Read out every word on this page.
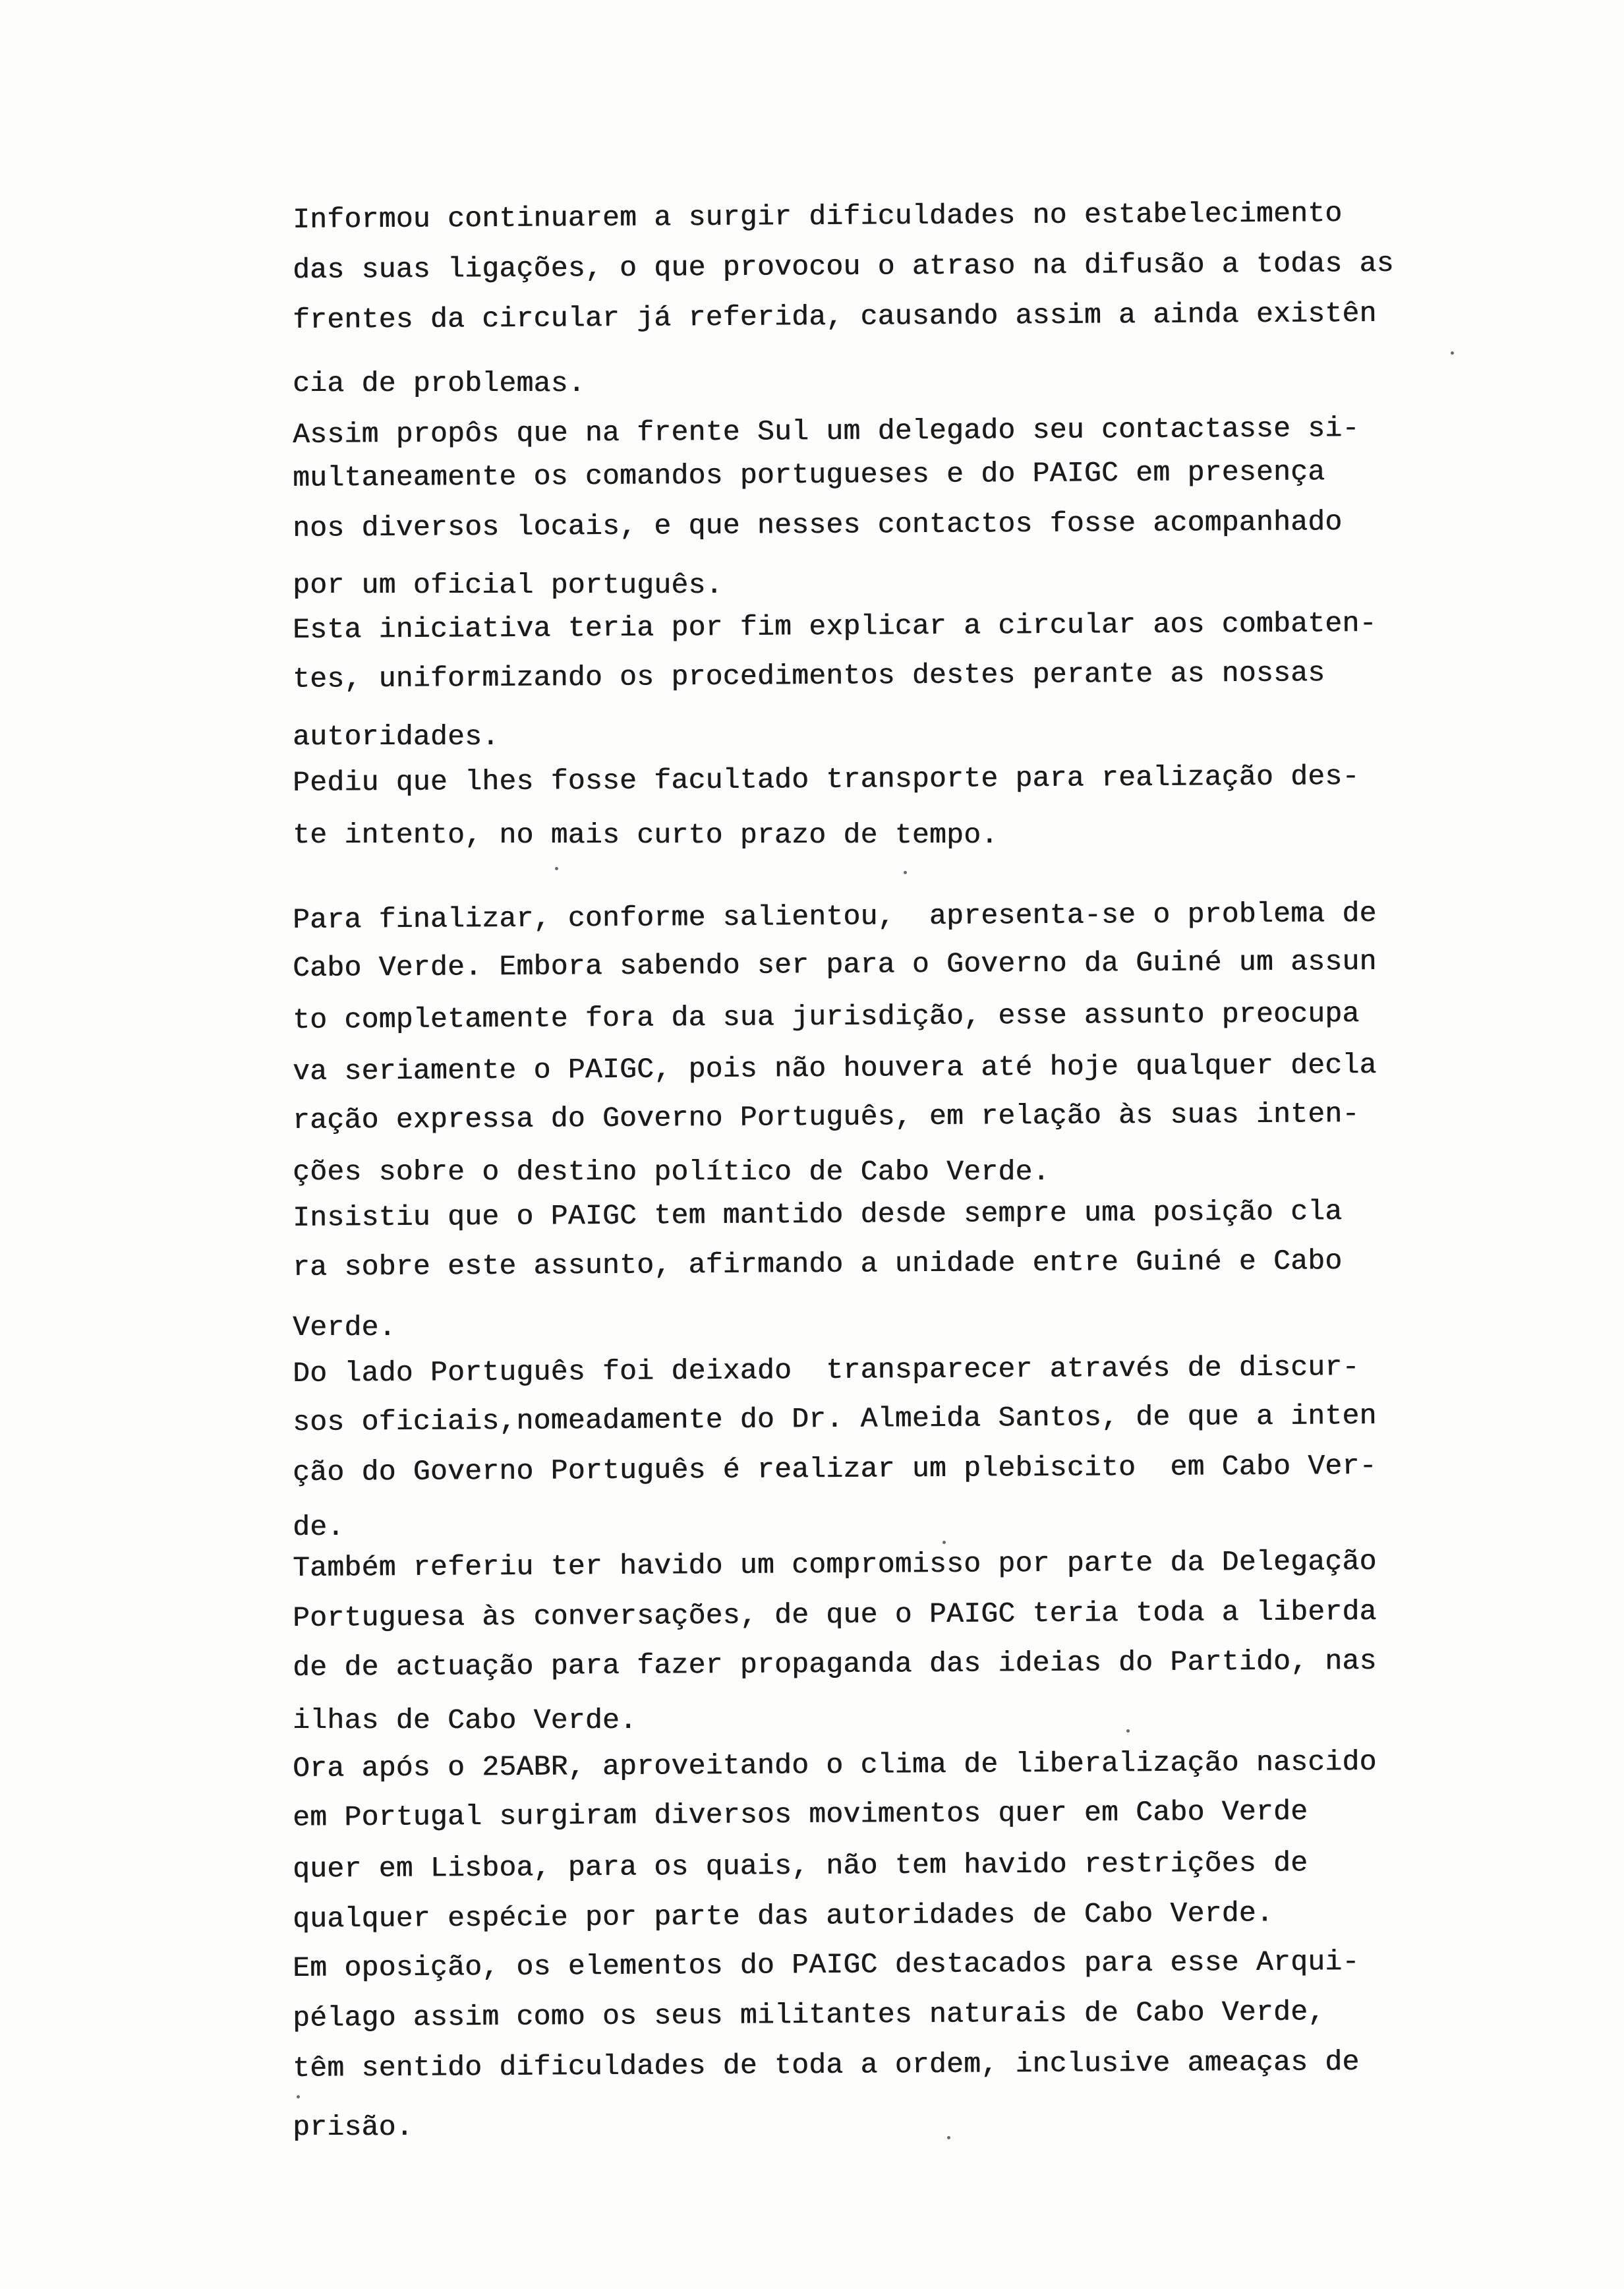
Informou continuarem a surgir dificuldades no estabelecimento
das suas ligações, o que provocou o atraso na difusão a todas as
frentes da circular já referida, causando assim a ainda existên
cia de problemas.
Assim propôs que na frente Sul um delegado seu contactasse si-
multaneamente os comandos portugueses e do PAIGC em presença
nos diversos locais, e que nesses contactos fosse acompanhado
por um oficial português.
Esta iniciativa teria por fim explicar a circular aos combaten-
tes, uniformizando os procedimentos destes perante as nossas
autoridades.
Pediu que lhes fosse facultado transporte para realização des-
te intento, no mais curto prazo de tempo.
Para finalizar, conforme salientou,  apresenta-se o problema de
Cabo Verde. Embora sabendo ser para o Governo da Guiné um assun
to completamente fora da sua jurisdição, esse assunto preocupa
va seriamente o PAIGC, pois não houvera até hoje qualquer decla
ração expressa do Governo Português, em relação às suas inten-
ções sobre o destino político de Cabo Verde.
Insistiu que o PAIGC tem mantido desde sempre uma posição cla
ra sobre este assunto, afirmando a unidade entre Guiné e Cabo
Verde.
Do lado Português foi deixado  transparecer através de discur-
sos oficiais,nomeadamente do Dr. Almeida Santos, de que a inten
ção do Governo Português é realizar um plebiscito  em Cabo Ver-
de.
Também referiu ter havido um compromisso por parte da Delegação
Portuguesa às conversações, de que o PAIGC teria toda a liberda
de de actuação para fazer propaganda das ideias do Partido, nas
ilhas de Cabo Verde.
Ora após o 25ABR, aproveitando o clima de liberalização nascido
em Portugal surgiram diversos movimentos quer em Cabo Verde
quer em Lisboa, para os quais, não tem havido restrições de
qualquer espécie por parte das autoridades de Cabo Verde.
Em oposição, os elementos do PAIGC destacados para esse Arqui-
pélago assim como os seus militantes naturais de Cabo Verde,
têm sentido dificuldades de toda a ordem, inclusive ameaças de
prisão.
